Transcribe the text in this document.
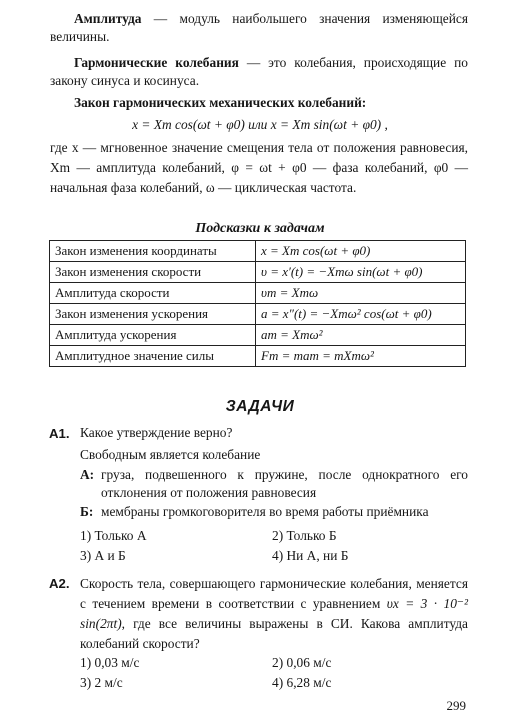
Амплитуда — модуль наибольшего значения изменяющейся величины.
Гармонические колебания — это колебания, происходящие по закону синуса и косинуса.
Закон гармонических механических колебаний:
x = Xm cos(ωt + φ0) или x = Xm sin(ωt + φ0) ,
где x — мгновенное значение смещения тела от положения равновесия, Xm — амплитуда колебаний, φ = ωt + φ0 — фаза колебаний, φ0 — начальная фаза колебаний, ω — циклическая частота.
Подсказки к задачам
Закон изменения координаты	x = Xm cos(ωt + φ0)
Закон изменения скорости	υ = x′(t) = −Xmω sin(ωt + φ0)
Амплитуда скорости	υm = Xmω
Закон изменения ускорения	a = x″(t) = −Xmω² cos(ωt + φ0)
Амплитуда ускорения	am = Xmω²
Амплитудное значение силы	Fm = mam = mXmω²
ЗАДАЧИ
А1. Какое утверждение верно?
Свободным является колебание
А: груза, подвешенного к пружине, после однократного его отклонения от положения равновесия
Б: мембраны громкоговорителя во время работы приёмника
1) Только А	2) Только Б
3) А и Б	4) Ни А, ни Б
А2. Скорость тела, совершающего гармонические колебания, меняется с течением времени в соответствии с уравнением υx = 3 · 10⁻² sin(2πt), где все величины выражены в СИ. Какова амплитуда колебаний скорости?
1) 0,03 м/с	2) 0,06 м/с
3) 2 м/с	4) 6,28 м/с
299
